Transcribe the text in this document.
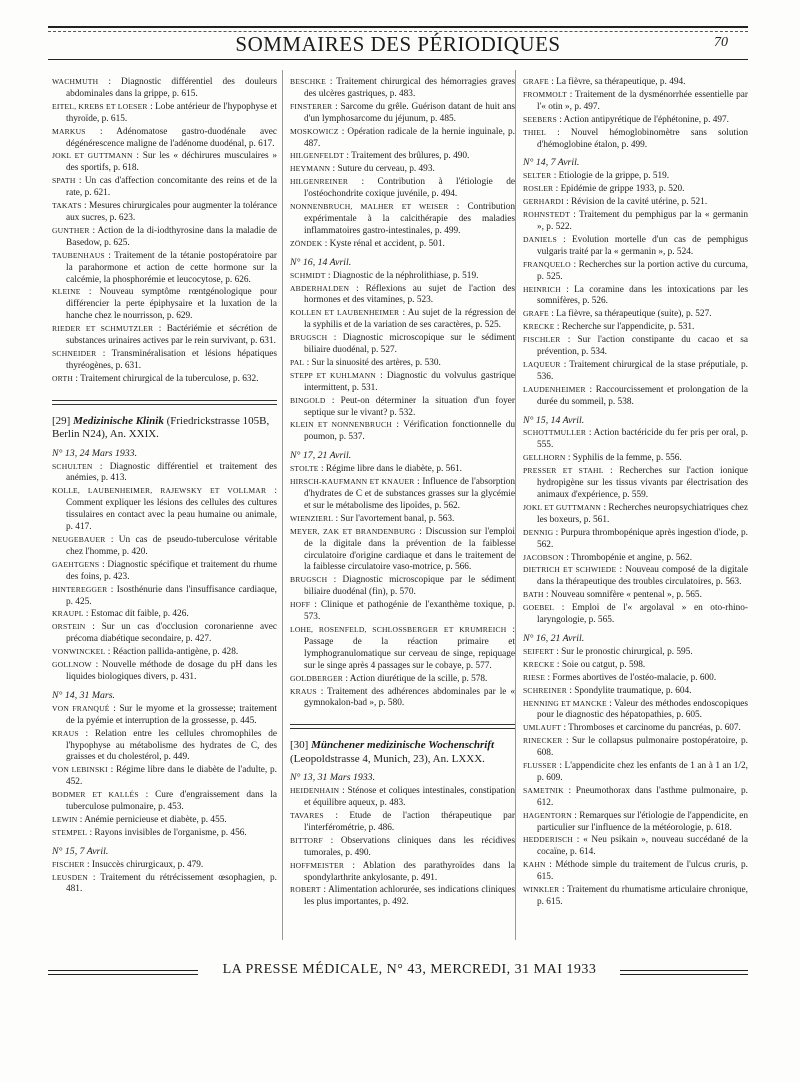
SOMMAIRES DES PÉRIODIQUES	70
WACHMUTH : Diagnostic différentiel des douleurs abdominales dans la grippe, p. 615.
EITEL, KREBS ET LOESER : Lobe antérieur de l'hypophyse et thyroïde, p. 615.
MARKUS : Adénomatose gastro-duodénale avec dégénérescence maligne de l'adénome duodénal, p. 617.
JOKL ET GUTTMANN : Sur les « déchirures musculaires » des sportifs, p. 618.
SPATH : Un cas d'affection concomitante des reins et de la rate, p. 621.
TAKATS : Mesures chirurgicales pour augmenter la tolérance aux sucres, p. 623.
GUNTHER : Action de la di-iodthyrosine dans la maladie de Basedow, p. 625.
TAUBENHAUS : Traitement de la tétanie postopératoire par la parahormone et action de cette hormone sur la calcémie, la phosphorémie et leucocytose, p. 626.
KLEINE : Nouveau symptôme rœntgénologique pour différencier la perte épiphysaire et la luxation de la hanche chez le nourrisson, p. 629.
RIEDER ET SCHMUTZLER : Bactériémie et sécrétion de substances urinaires actives par le rein survivant, p. 631.
SCHNEIDER : Transminéralisation et lésions hépatiques thyréogènes, p. 631.
ORTH : Traitement chirurgical de la tuberculose, p. 632.
[29] Medizinische Klinik (Friedrickstrasse 105B, Berlin N24), An. XXIX.
N° 13, 24 Mars 1933.
SCHULTEN : Diagnostic différentiel et traitement des anémies, p. 413.
KOLLE, LAUBENHEIMER, RAJEWSKY ET VOLLMAR : Comment expliquer les lésions des cellules des cultures tissulaires en contact avec la peau humaine ou animale, p. 417.
NEUGEBAUER : Un cas de pseudo-tuberculose véritable chez l'homme, p. 420.
GAEHTGENS : Diagnostic spécifique et traitement du rhume des foins, p. 423.
HINTEREGGER : Isosthénurie dans l'insuffisance cardiaque, p. 425.
KRAUPL : Estomac dit faible, p. 426.
ORSTEIN : Sur un cas d'occlusion coronarienne avec précoma diabétique secondaire, p. 427.
VONWINCKEL : Réaction pallida-antigène, p. 428.
GOLLNOW : Nouvelle méthode de dosage du pH dans les liquides biologiques divers, p. 431.
N° 14, 31 Mars.
VON FRANQUÉ : Sur le myome et la grossesse; traitement de la pyémie et interruption de la grossesse, p. 445.
KRAUS : Relation entre les cellules chromophiles de l'hypophyse au métabolisme des hydrates de C, des graisses et du cholestérol, p. 449.
VON LEBINSKI : Régime libre dans le diabète de l'adulte, p. 452.
BODMER ET KALLÉS : Cure d'engraissement dans la tuberculose pulmonaire, p. 453.
LEWIN : Anémie pernicieuse et diabète, p. 455.
STEMPEL : Rayons invisibles de l'organisme, p. 456.
N° 15, 7 Avril.
FISCHER : Insuccès chirurgicaux, p. 479.
LEUSDEN : Traitement du rétrécissement œsophagien, p. 481.
BESCHKE : Traitement chirurgical des hémorragies graves des ulcères gastriques, p. 483.
FINSTERER : Sarcome du grêle. Guérison datant de huit ans d'un lymphosarcome du jéjunum, p. 485.
MOSKOWICZ : Opération radicale de la hernie inguinale, p. 487.
HILGENFELDT : Traitement des brûlures, p. 490.
HEYMANN : Suture du cerveau, p. 493.
HILGENREINER : Contribution à l'étiologie de l'ostéochondrite coxique juvénile, p. 494.
NONNENBRUCH, MALHER ET WEISER : Contribution expérimentale à la calcithérapie des maladies inflammatoires gastro-intestinales, p. 499.
ZÖNDEK : Kyste rénal et accident, p. 501.
N° 16, 14 Avril.
SCHMIDT : Diagnostic de la néphrolithiase, p. 519.
ABDERHALDEN : Réflexions au sujet de l'action des hormones et des vitamines, p. 523.
KOLLEN ET LAUBENHEIMER : Au sujet de la régression de la syphilis et de la variation de ses caractères, p. 525.
BRUGSCH : Diagnostic microscopique sur le sédiment biliaire duodénal, p. 527.
PAL : Sur la sinuosité des artères, p. 530.
STEPP ET KUHLMANN : Diagnostic du volvulus gastrique intermittent, p. 531.
BINGOLD : Peut-on déterminer la situation d'un foyer septique sur le vivant? p. 532.
KLEIN ET NONNENBRUCH : Vérification fonctionnelle du poumon, p. 537.
N° 17, 21 Avril.
STOLTE : Régime libre dans le diabète, p. 561.
HIRSCH-KAUFMANN ET KNAUER : Influence de l'absorption d'hydrates de C et de substances grasses sur la glycémie et sur le métabolisme des lipoïdes, p. 562.
WIENZIERL : Sur l'avortement banal, p. 563.
MEYER, ZAK ET BRANDENBURG : Discussion sur l'emploi de la digitale dans la prévention de la faiblesse circulatoire d'origine cardiaque et dans le traitement de la faiblesse circulatoire vaso-motrice, p. 566.
BRUGSCH : Diagnostic microscopique par le sédiment biliaire duodénal (fin), p. 570.
HOFF : Clinique et pathogénie de l'exanthème toxique, p. 573.
LOHE, ROSENFELD, SCHLOSSBERGER ET KRUMREICH : Passage de la réaction primaire et lymphogranulomatique sur cerveau de singe, repiquage sur le singe après 4 passages sur le cobaye, p. 577.
GOLDBERGER : Action diurétique de la scille, p. 578.
KRAUS : Traitement des adhérences abdominales par le « gymnokalon-bad », p. 580.
[30] Münchener medizinische Wochenschrift (Leopoldstrasse 4, Munich, 23), An. LXXX.
N° 13, 31 Mars 1933.
HEIDENHAIN : Sténose et coliques intestinales, constipation et équilibre aqueux, p. 483.
TAVARES : Etude de l'action thérapeutique par l'interférométrie, p. 486.
BITTORF : Observations cliniques dans les récidives tumorales, p. 490.
HOFFMEISTER : Ablation des parathyroïdes dans la spondylarthrite ankylosante, p. 491.
ROBERT : Alimentation achlorurée, ses indications cliniques les plus importantes, p. 492.
GRAFE : La fièvre, sa thérapeutique, p. 494.
FROMMOLT : Traitement de la dysménorrhée essentielle par l'« otin », p. 497.
SEEBERS : Action antipyrétique de l'éphétonine, p. 497.
THIEL : Nouvel hémoglobinomètre sans solution d'hémoglobine étalon, p. 499.
N° 14, 7 Avril.
SELTER : Etiologie de la grippe, p. 519.
ROSLER : Epidémie de grippe 1933, p. 520.
GERHARDI : Révision de la cavité utérine, p. 521.
ROHNSTEDT : Traitement du pemphigus par la « germanin », p. 522.
DANIELS : Evolution mortelle d'un cas de pemphigus vulgaris traité par la « germanin », p. 524.
FRANQUELO : Recherches sur la portion active du curcuma, p. 525.
HEINRICH : La coramine dans les intoxications par les somnifères, p. 526.
GRAFE : La fièvre, sa thérapeutique (suite), p. 527.
KRECKE : Recherche sur l'appendicite, p. 531.
FISCHLER : Sur l'action constipante du cacao et sa prévention, p. 534.
LAQUEUR : Traitement chirurgical de la stase préputiale, p. 536.
LAUDENHEIMER : Raccourcissement et prolongation de la durée du sommeil, p. 538.
N° 15, 14 Avril.
SCHOTTMULLER : Action bactéricide du fer pris per oral, p. 555.
GELLHORN : Syphilis de la femme, p. 556.
PRESSER ET STAHL : Recherches sur l'action ionique hydropigène sur les tissus vivants par électrisation des animaux d'expérience, p. 559.
JOKL ET GUTTMANN : Recherches neuropsychiatriques chez les boxeurs, p. 561.
DENNIG : Purpura thrombopénique après ingestion d'iode, p. 562.
JACOBSON : Thrombopénie et angine, p. 562.
DIETRICH ET SCHWIEDE : Nouveau composé de la digitale dans la thérapeutique des troubles circulatoires, p. 563.
BATH : Nouveau somnifère « pentenal », p. 565.
GOEBEL : Emploi de l'« argolaval » en oto-rhino-laryngologie, p. 565.
N° 16, 21 Avril.
SEIFERT : Sur le pronostic chirurgical, p. 595.
KRECKE : Soie ou catgut, p. 598.
RIESE : Formes abortives de l'ostéo-malacie, p. 600.
SCHREINER : Spondylite traumatique, p. 604.
HENNING ET MANCKE : Valeur des méthodes endoscopiques pour le diagnostic des hépatopathies, p. 605.
UMLAUFT : Thromboses et carcinome du pancréas, p. 607.
RINECKER : Sur le collapsus pulmonaire postopératoire, p. 608.
FLUSSER : L'appendicite chez les enfants de 1 an à 1 an 1/2, p. 609.
SAMETNIK : Pneumothorax dans l'asthme pulmonaire, p. 612.
HAGENTORN : Remarques sur l'étiologie de l'appendicite, en particulier sur l'influence de la météorologie, p. 618.
HEDDERISCH : « Neu psikain », nouveau succédané de la cocaïne, p. 614.
KAHN : Méthode simple du traitement de l'ulcus cruris, p. 615.
WINKLER : Traitement du rhumatisme articulaire chronique, p. 615.
LA PRESSE MÉDICALE, N° 43, MERCREDI, 31 MAI 1933
